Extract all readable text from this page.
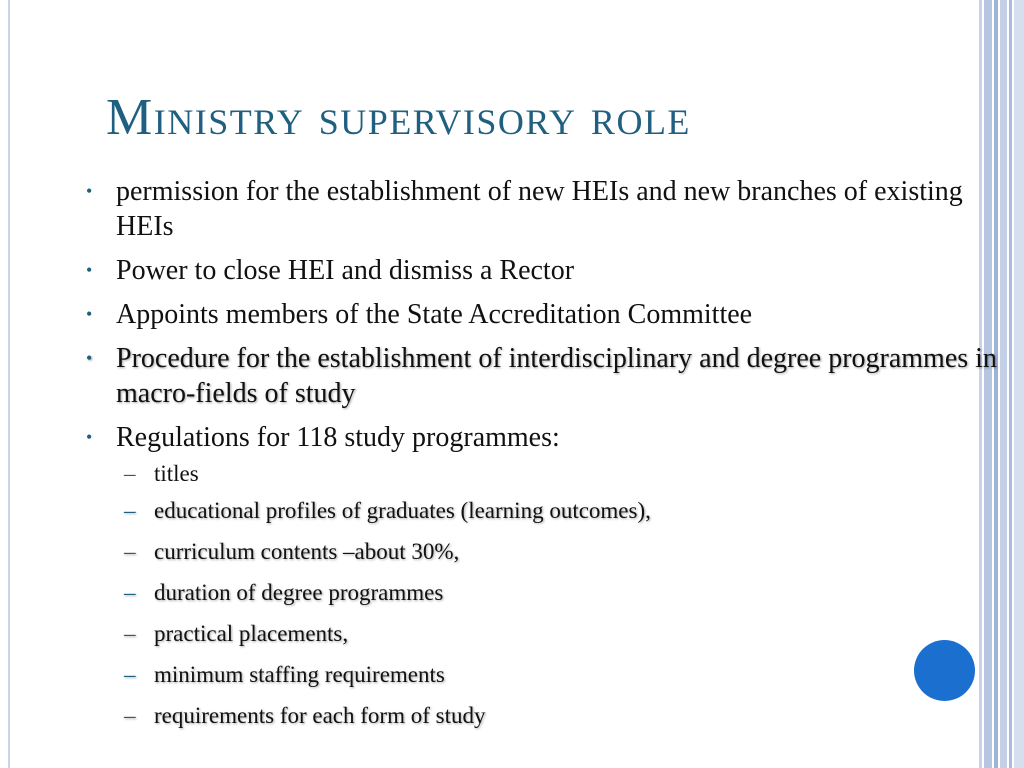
Ministry supervisory role
• permission for the establishment of new HEIs and new branches of existing HEIs
• Power to close HEI and dismiss a Rector
• Appoints members of the State Accreditation Committee
• Procedure for the establishment of interdisciplinary and degree programmes in macro-fields of study
• Regulations for 118 study programmes:
– titles
– educational profiles of graduates (learning outcomes),
– curriculum contents –about 30%,
– duration of degree programmes
– practical placements,
– minimum staffing requirements
– requirements for each form of study
